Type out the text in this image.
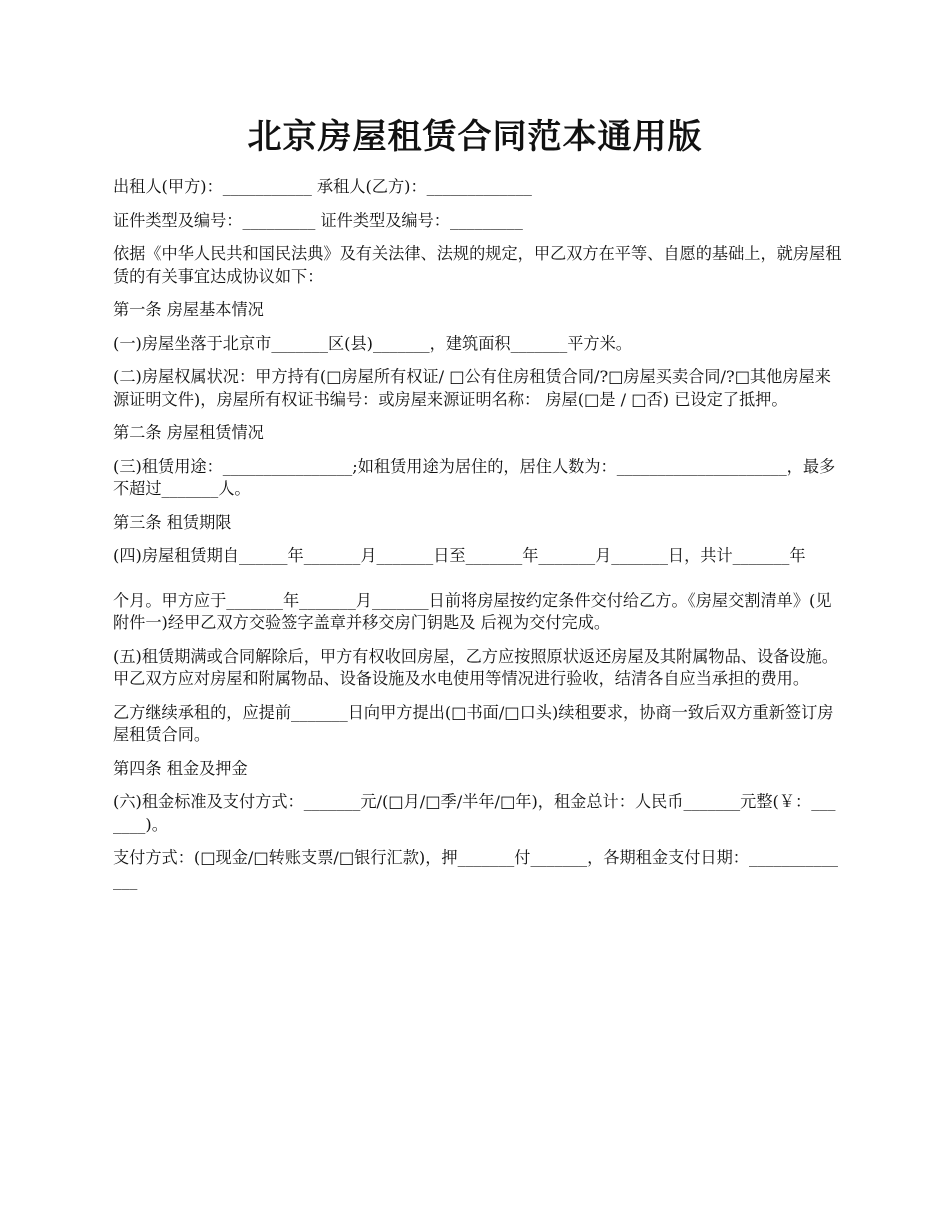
北京房屋租赁合同范本通用版

出租人(甲方)：___________ 承租人(乙方)：_____________

证件类型及编号：_________ 证件类型及编号：_________

依据《中华人民共和国民法典》及有关法律、法规的规定，甲乙双方在平等、自愿的基础上，就房屋租赁的有关事宜达成协议如下：

第一条 房屋基本情况

(一)房屋坐落于北京市_______区(县)_______，建筑面积_______平方米。

(二)房屋权属状况：甲方持有(□房屋所有权证/ □公有住房租赁合同/?□房屋买卖合同/?□其他房屋来源证明文件)，房屋所有权证书编号：或房屋来源证明名称： 房屋(□是 / □否) 已设定了抵押。

第二条 房屋租赁情况

(三)租赁用途：________________;如租赁用途为居住的，居住人数为：_____________________，最多不超过_______人。

第三条 租赁期限

(四)房屋租赁期自______年_______月_______日至_______年_______月_______日，共计_______年

个月。甲方应于_______年_______月_______日前将房屋按约定条件交付给乙方。《房屋交割清单》(见附件一)经甲乙双方交验签字盖章并移交房门钥匙及 后视为交付完成。

(五)租赁期满或合同解除后，甲方有权收回房屋，乙方应按照原状返还房屋及其附属物品、设备设施。甲乙双方应对房屋和附属物品、设备设施及水电使用等情况进行验收，结清各自应当承担的费用。

乙方继续承租的，应提前_______日向甲方提出(□书面/□口头)续租要求，协商一致后双方重新签订房屋租赁合同。

第四条 租金及押金

(六)租金标准及支付方式：_______元/(□月/□季/半年/□年)，租金总计：人民币_______元整(￥：_______)。

支付方式：(□现金/□转账支票/□银行汇款)，押_______付_______，各期租金支付日期：______________
